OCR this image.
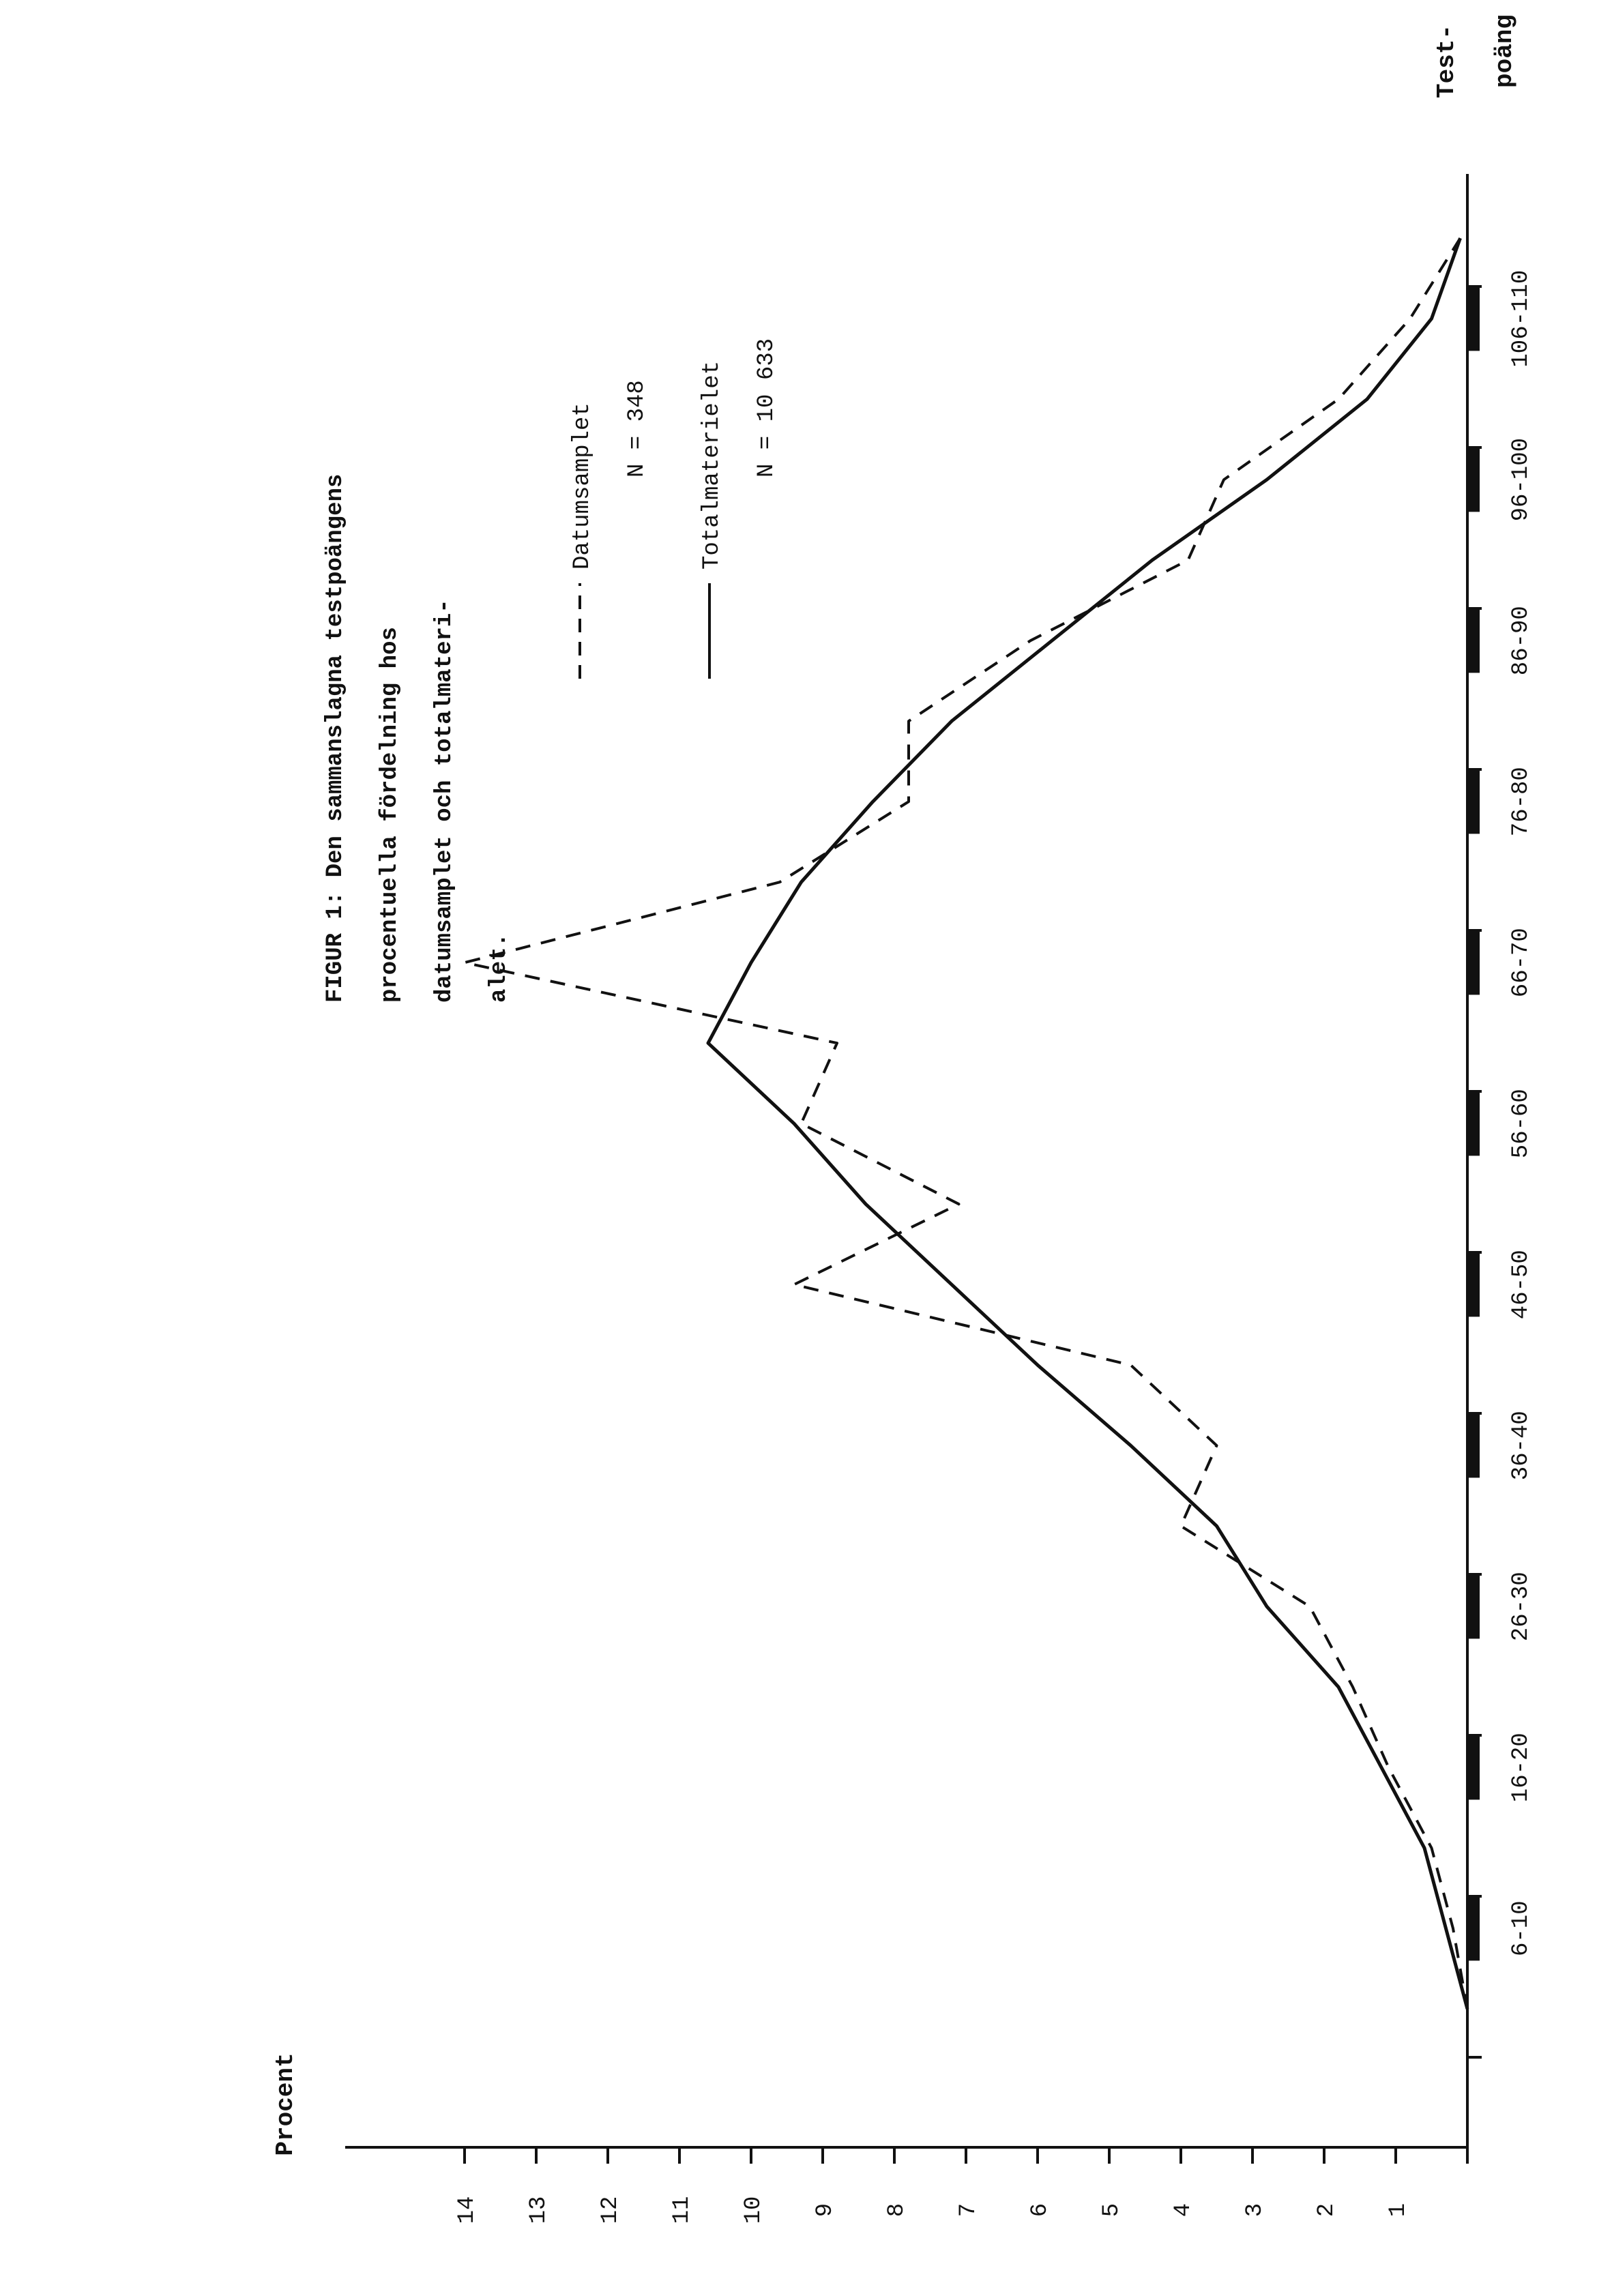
Procent
FIGUR 1: Den sammanslagna testpoängens procentuella fördelning hos datumsamplet och totalmateri- alet.
Datumsamplet N = 348 Totalmaterielet N = 10 633
Test- poäng
1
2
3
4
5
6
7
8
9
10
11
12
13
14
6-10
16-20
26-30
36-40
46-50
56-60
66-70
76-80
86-90
96-100
106-110
